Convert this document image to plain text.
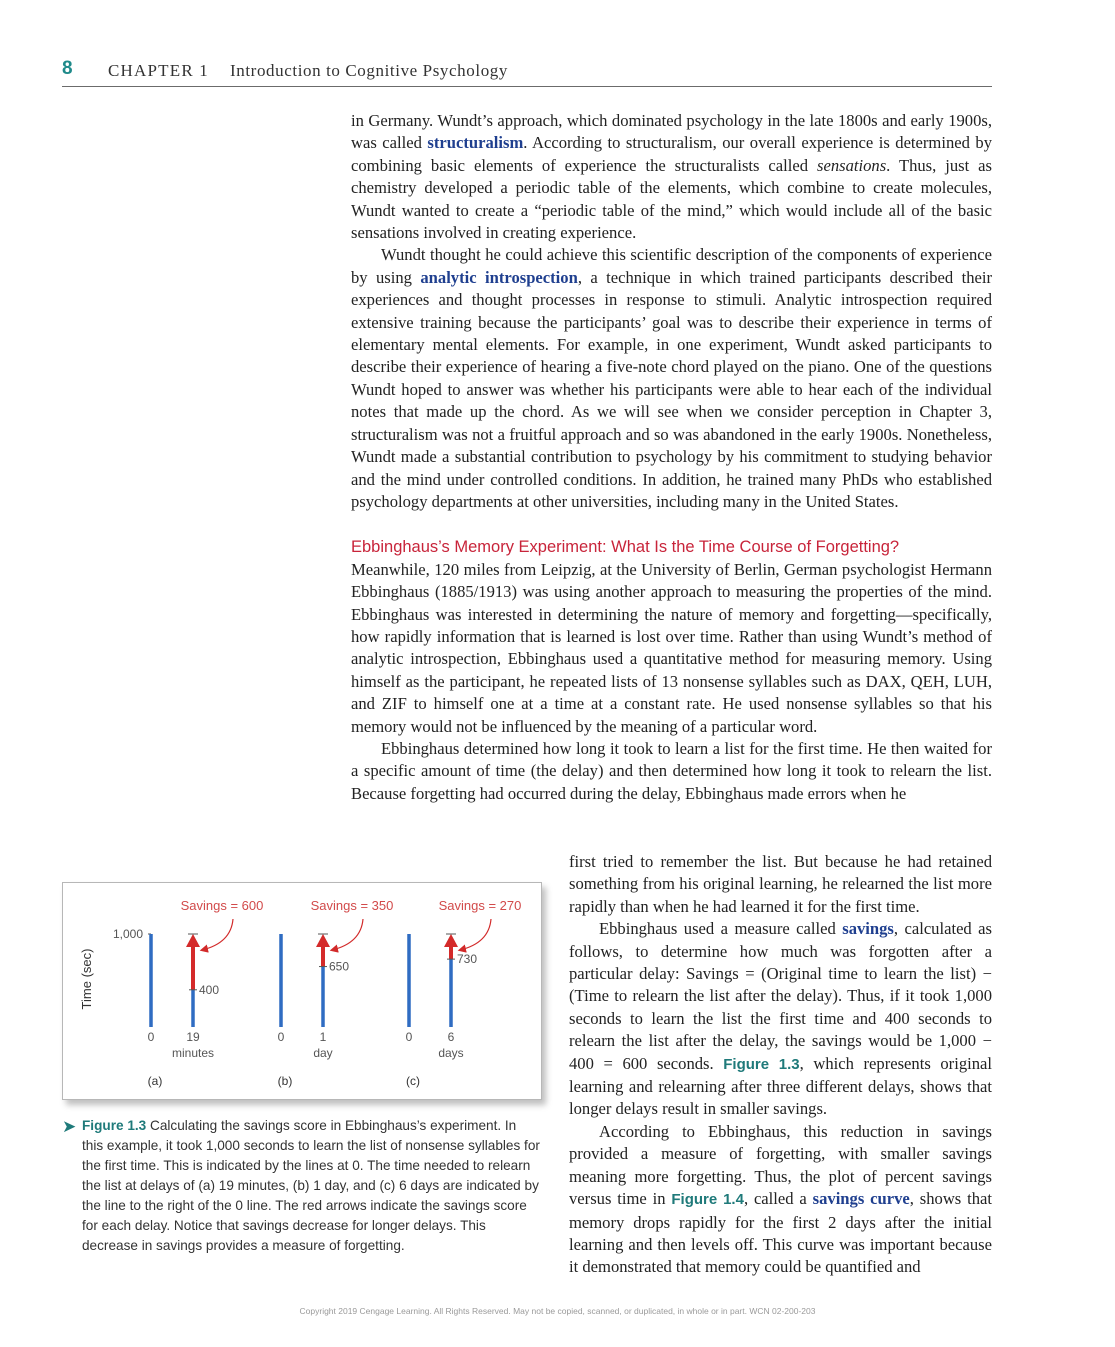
8 CHAPTER 1 Introduction to Cognitive Psychology

in Germany. Wundt’s approach, which dominated psychology in the late 1800s and early 1900s, was called structuralism. According to structuralism, our overall experience is determined by combining basic elements of experience the structuralists called sensations. Thus, just as chemistry developed a periodic table of the elements, which combine to create molecules, Wundt wanted to create a “periodic table of the mind,” which would include all of the basic sensations involved in creating experience.

Wundt thought he could achieve this scientific description of the components of experience by using analytic introspection, a technique in which trained participants described their experiences and thought processes in response to stimuli. Analytic introspection required extensive training because the participants’ goal was to describe their experience in terms of elementary mental elements. For example, in one experiment, Wundt asked participants to describe their experience of hearing a five-note chord played on the piano. One of the questions Wundt hoped to answer was whether his participants were able to hear each of the individual notes that made up the chord. As we will see when we consider perception in Chapter 3, structuralism was not a fruitful approach and so was abandoned in the early 1900s. Nonetheless, Wundt made a substantial contribution to psychology by his commitment to studying behavior and the mind under controlled conditions. In addition, he trained many PhDs who established psychology departments at other universities, including many in the United States.

Ebbinghaus’s Memory Experiment: What Is the Time Course of Forgetting?

Meanwhile, 120 miles from Leipzig, at the University of Berlin, German psychologist Hermann Ebbinghaus (1885/1913) was using another approach to measuring the properties of the mind. Ebbinghaus was interested in determining the nature of memory and forgetting—specifically, how rapidly information that is learned is lost over time. Rather than using Wundt’s method of analytic introspection, Ebbinghaus used a quantitative method for measuring memory. Using himself as the participant, he repeated lists of 13 nonsense syllables such as DAX, QEH, LUH, and ZIF to himself one at a time at a constant rate. He used nonsense syllables so that his memory would not be influenced by the meaning of a particular word.

Ebbinghaus determined how long it took to learn a list for the first time. He then waited for a specific amount of time (the delay) and then determined how long it took to relearn the list. Because forgetting had occurred during the delay, Ebbinghaus made errors when he

first tried to remember the list. But because he had retained something from his original learning, he relearned the list more rapidly than when he had learned it for the first time.

Ebbinghaus used a measure called savings, calculated as follows, to determine how much was forgotten after a particular delay: Savings = (Original time to learn the list) − (Time to relearn the list after the delay). Thus, if it took 1,000 seconds to learn the list the first time and 400 seconds to relearn the list after the delay, the savings would be 1,000 − 400 = 600 seconds. Figure 1.3, which represents original learning and relearning after three different delays, shows that longer delays result in smaller savings.

According to Ebbinghaus, this reduction in savings provided a measure of forgetting, with smaller savings meaning more forgetting. Thus, the plot of percent savings versus time in Figure 1.4, called a savings curve, shows that memory drops rapidly for the first 2 days after the initial learning and then levels off. This curve was important because it demonstrated that memory could be quantified and

Time (sec)
1,000
400
Savings = 600
0	19
minutes
(a)
650
Savings = 350
0	1
day
(b)
730
Savings = 270
0	6
days
(c)
➤ Figure 1.3 Calculating the savings score in Ebbinghaus’s experiment. In this example, it took 1,000 seconds to learn the list of nonsense syllables for the first time. This is indicated by the lines at 0. The time needed to relearn the list at delays of (a) 19 minutes, (b) 1 day, and (c) 6 days are indicated by the line to the right of the 0 line. The red arrows indicate the savings score for each delay. Notice that savings decrease for longer delays. This decrease in savings provides a measure of forgetting.
Copyright 2019 Cengage Learning. All Rights Reserved. May not be copied, scanned, or duplicated, in whole or in part. WCN 02-200-203
